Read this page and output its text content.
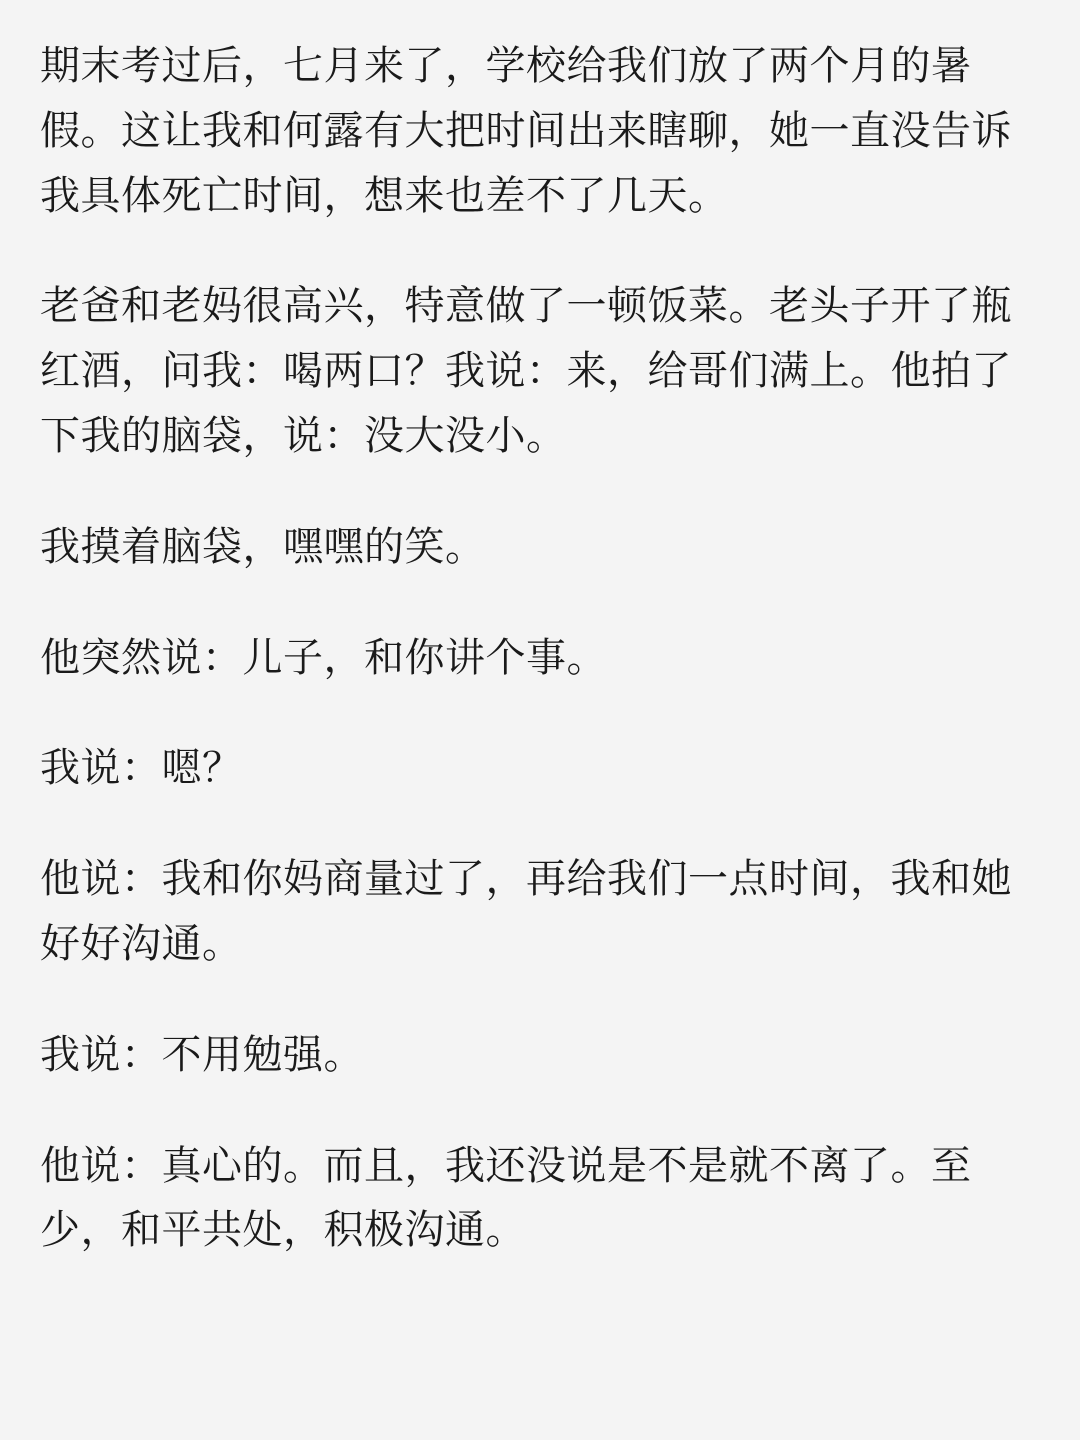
期末考过后，七月来了，学校给我们放了两个月的暑假。这让我和何露有大把时间出来瞎聊，她一直没告诉我具体死亡时间，想来也差不了几天。

老爸和老妈很高兴，特意做了一顿饭菜。老头子开了瓶红酒，问我：喝两口？我说：来，给哥们满上。他拍了下我的脑袋，说：没大没小。

我摸着脑袋，嘿嘿的笑。

他突然说：儿子，和你讲个事。

我说：嗯？

他说：我和你妈商量过了，再给我们一点时间，我和她好好沟通。

我说：不用勉强。

他说：真心的。而且，我还没说是不是就不离了。至少，和平共处，积极沟通。
